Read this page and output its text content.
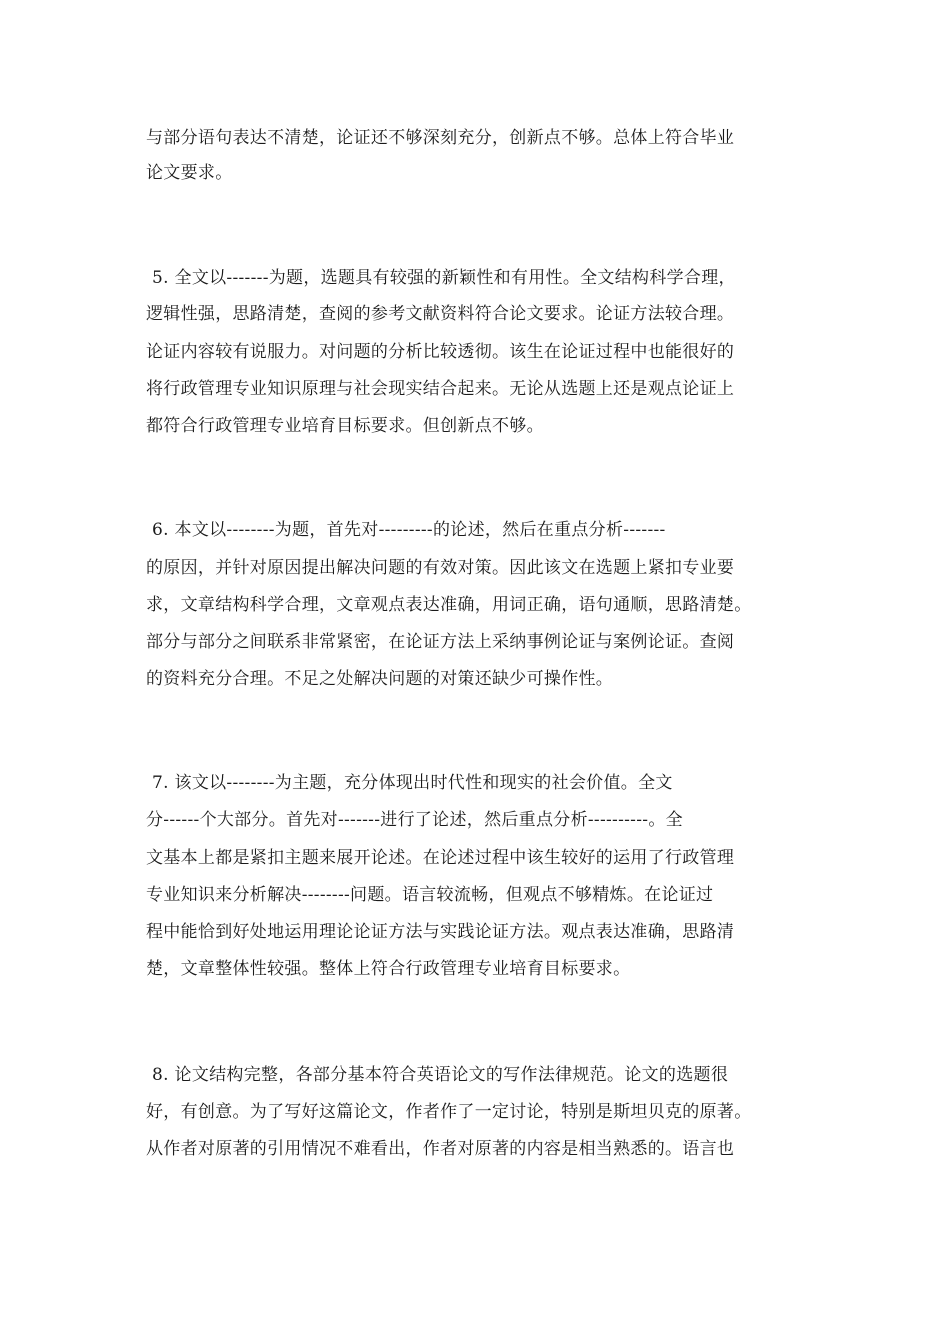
与部分语句表达不清楚，论证还不够深刻充分，创新点不够。总体上符合毕业
论文要求。
5. 全文以-------为题，选题具有较强的新颖性和有用性。全文结构科学合理，
逻辑性强，思路清楚，查阅的参考文献资料符合论文要求。论证方法较合理。
论证内容较有说服力。对问题的分析比较透彻。该生在论证过程中也能很好的
将行政管理专业知识原理与社会现实结合起来。无论从选题上还是观点论证上
都符合行政管理专业培育目标要求。但创新点不够。
6. 本文以--------为题，首先对---------的论述，然后在重点分析-------
的原因，并针对原因提出解决问题的有效对策。因此该文在选题上紧扣专业要
求，文章结构科学合理，文章观点表达准确，用词正确，语句通顺，思路清楚。
部分与部分之间联系非常紧密，在论证方法上采纳事例论证与案例论证。查阅
的资料充分合理。不足之处解决问题的对策还缺少可操作性。
7. 该文以--------为主题，充分体现出时代性和现实的社会价值。全文
分------个大部分。首先对-------进行了论述，然后重点分析----------。全
文基本上都是紧扣主题来展开论述。在论述过程中该生较好的运用了行政管理
专业知识来分析解决--------问题。语言较流畅，但观点不够精炼。在论证过
程中能恰到好处地运用理论论证方法与实践论证方法。观点表达准确，思路清
楚，文章整体性较强。整体上符合行政管理专业培育目标要求。
8. 论文结构完整，各部分基本符合英语论文的写作法律规范。论文的选题很
好，有创意。为了写好这篇论文，作者作了一定讨论，特别是斯坦贝克的原著。
从作者对原著的引用情况不难看出，作者对原著的内容是相当熟悉的。语言也
